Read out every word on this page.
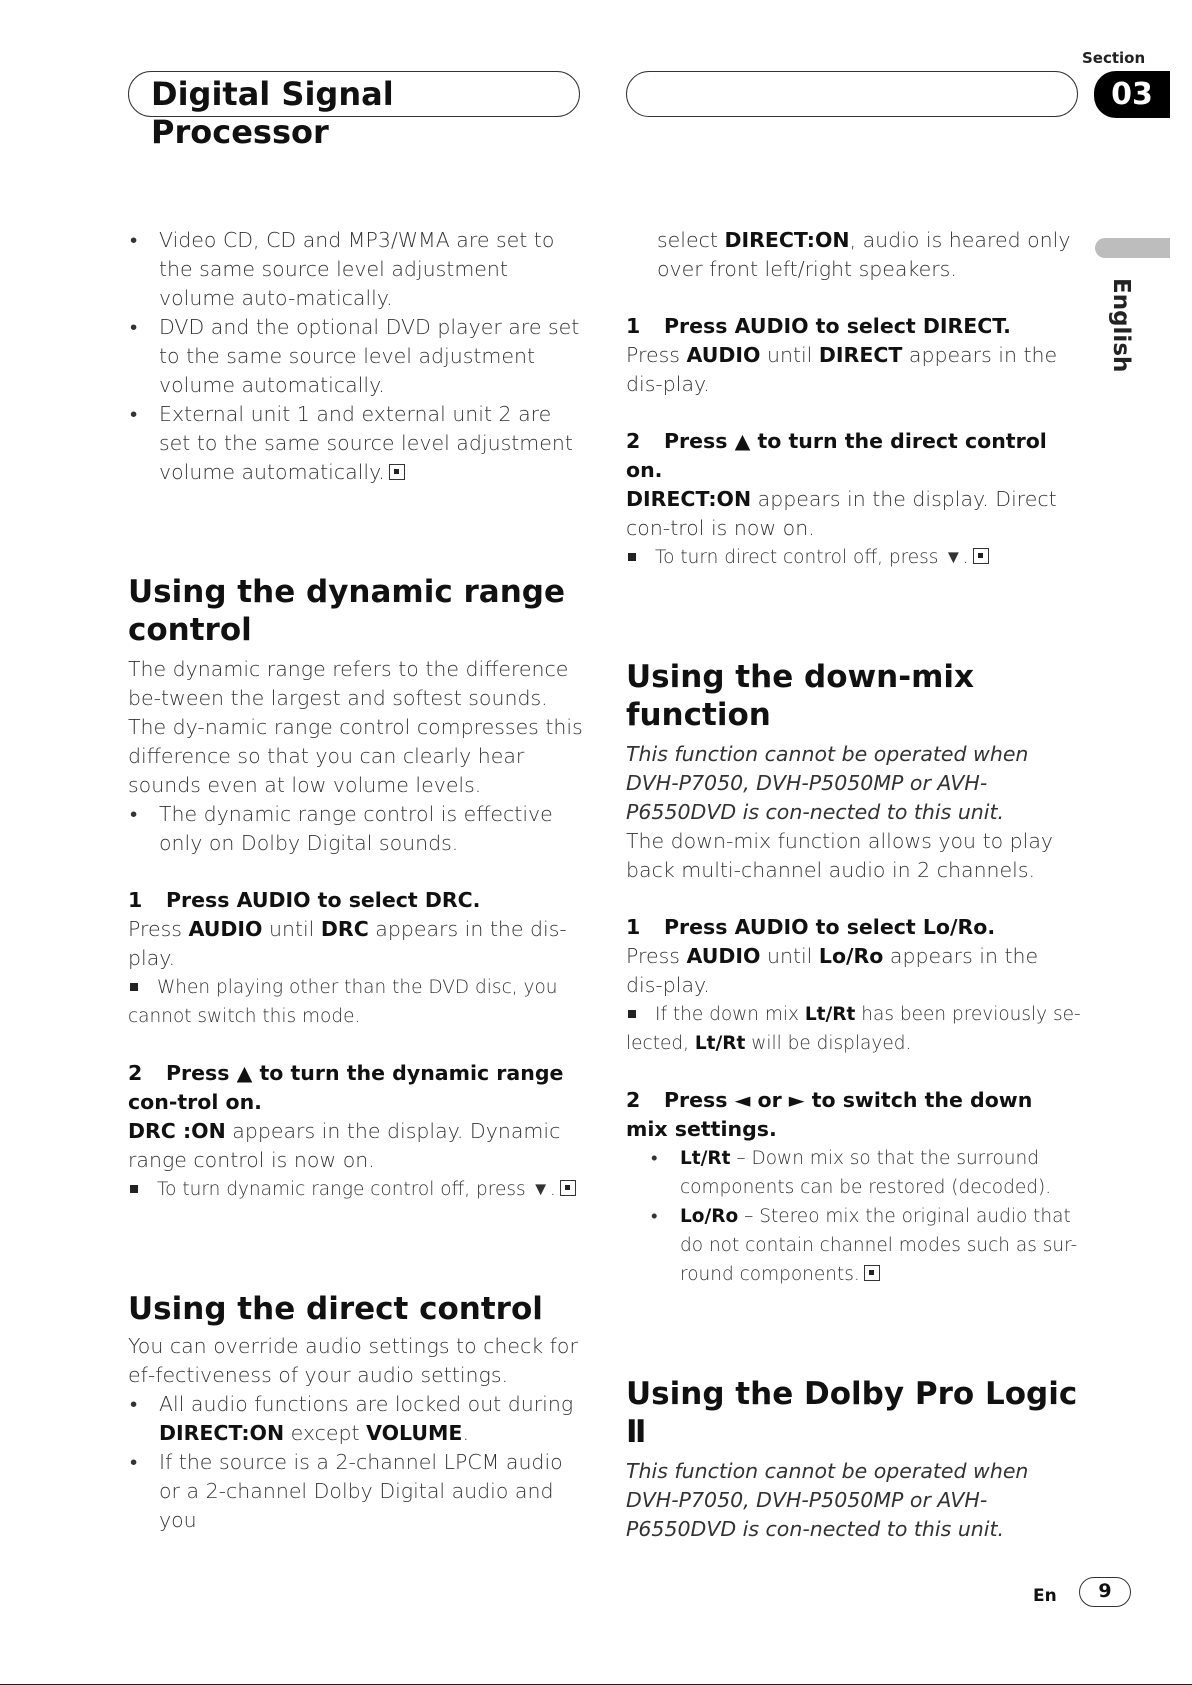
Digital Signal Processor
Section
03
English
• Video CD, CD and MP3/WMA are set to the same source level adjustment volume auto-matically.
• DVD and the optional DVD player are set to the same source level adjustment volume automatically.
• External unit 1 and external unit 2 are set to the same source level adjustment volume automatically.
Using the dynamic range control

The dynamic range refers to the difference be-tween the largest and softest sounds. The dy-namic range control compresses this difference so that you can clearly hear sounds even at low volume levels.

• The dynamic range control is effective only on Dolby Digital sounds.

1 Press AUDIO to select DRC.

Press AUDIO until DRC appears in the dis-play.

When playing other than the DVD disc, you cannot switch this mode.

2 Press ▲ to turn the dynamic range con-trol on.

DRC :ON appears in the display. Dynamic range control is now on.

To turn dynamic range control off, press ▼.

Using the direct control

You can override audio settings to check for ef-fectiveness of your audio settings.

• All audio functions are locked out during DIRECT:ON except VOLUME.
• If the source is a 2-channel LPCM audio or a 2-channel Dolby Digital audio and you

select DIRECT:ON, audio is heared only over front left/right speakers.

1 Press AUDIO to select DIRECT.

Press AUDIO until DIRECT appears in the dis-play.

2 Press ▲ to turn the direct control on.

DIRECT:ON appears in the display. Direct con-trol is now on.

To turn direct control off, press ▼.

Using the down-mix function

This function cannot be operated when DVH-P7050, DVH-P5050MP or AVH-P6550DVD is con-nected to this unit.

The down-mix function allows you to play back multi-channel audio in 2 channels.

1 Press AUDIO to select Lo/Ro.

Press AUDIO until Lo/Ro appears in the dis-play.

If the down mix Lt/Rt has been previously se-lected, Lt/Rt will be displayed.

2 Press ◄ or ► to switch the down mix settings.

• Lt/Rt – Down mix so that the surround components can be restored (decoded).
• Lo/Ro – Stereo mix the original audio that do not contain channel modes such as sur-round components.
Using the Dolby Pro Logic Ⅱ

This function cannot be operated when DVH-P7050, DVH-P5050MP or AVH-P6550DVD is con-nected to this unit.

En	9
